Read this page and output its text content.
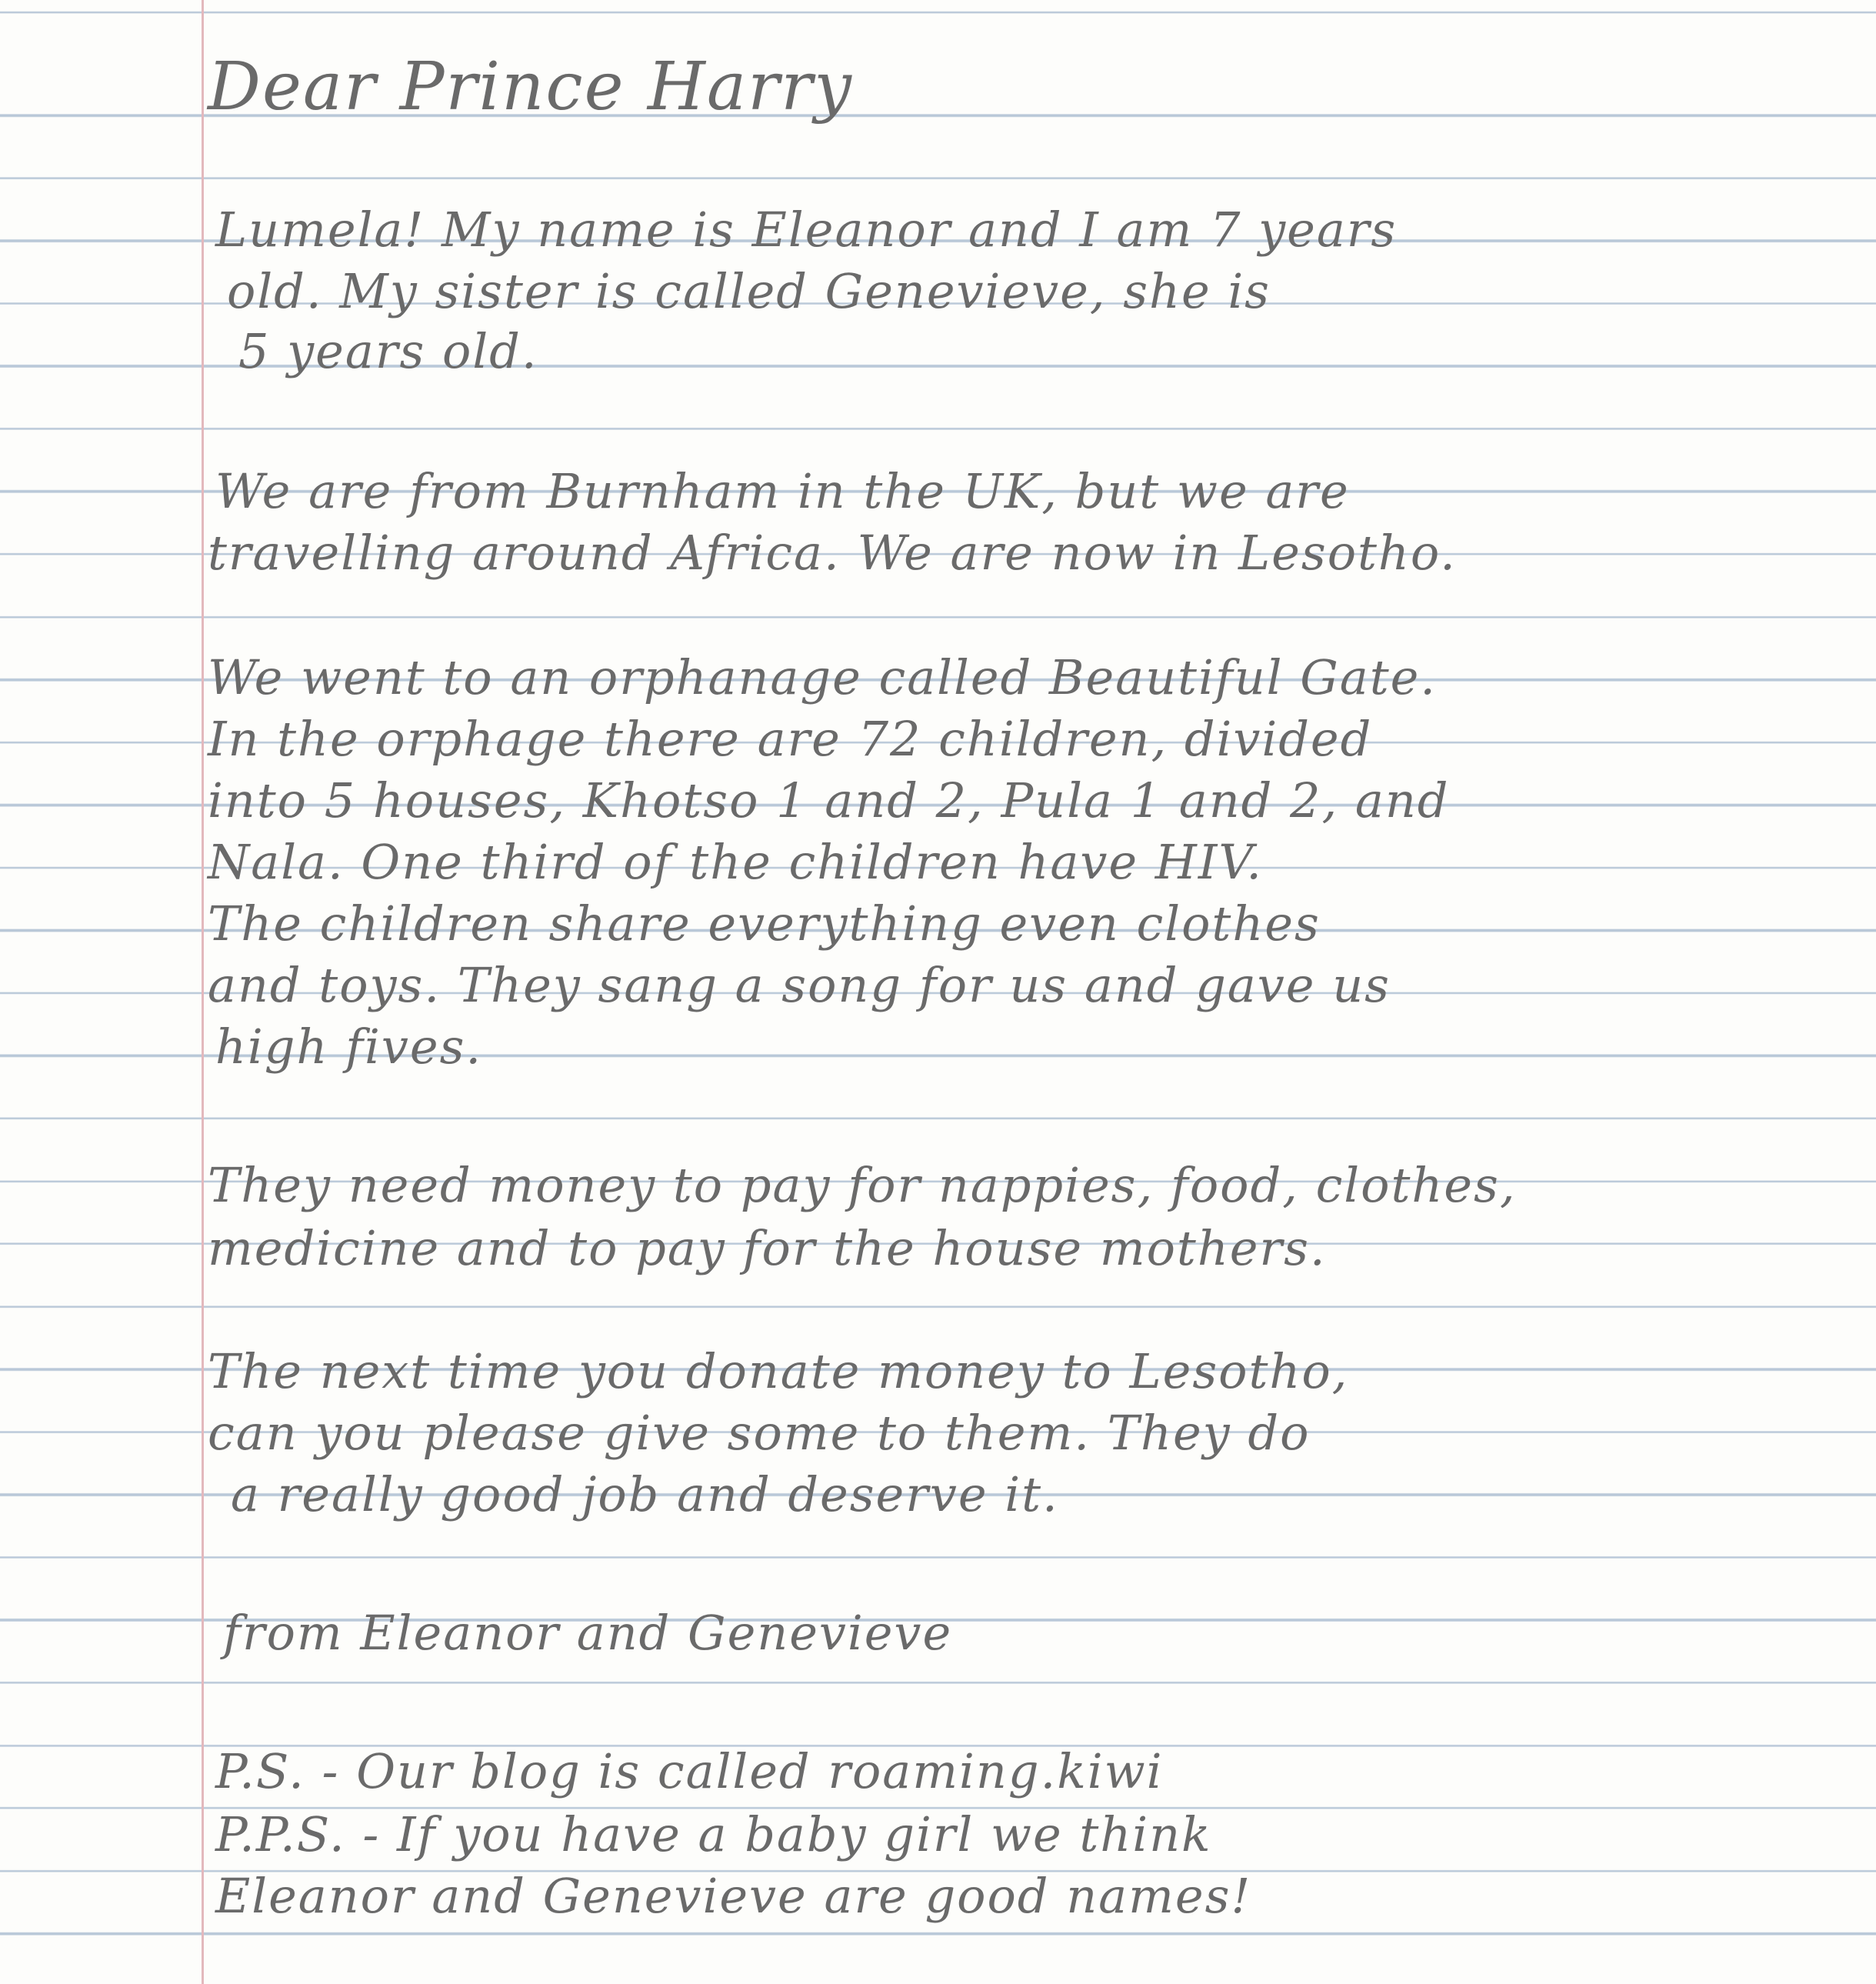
Dear Prince Harry
Lumela! My name is Eleanor and I am 7 years
old. My sister is called Genevieve, she is
5 years old.
We are from Burnham in the UK, but we are
travelling around Africa. We are now in Lesotho.
We went to an orphanage called Beautiful Gate.
In the orphage there are 72 children, divided
into 5 houses, Khotso 1 and 2, Pula 1 and 2, and
Nala. One third of the children have HIV.
The children share everything even clothes
and toys. They sang a song for us and gave us
high fives.
They need money to pay for nappies, food, clothes,
medicine and to pay for the house mothers.
The next time you donate money to Lesotho,
can you please give some to them. They do
a really good job and deserve it.
from Eleanor and Genevieve
P.S. - Our blog is called roaming.kiwi
P.P.S. - If you have a baby girl we think
Eleanor and Genevieve are good names!
